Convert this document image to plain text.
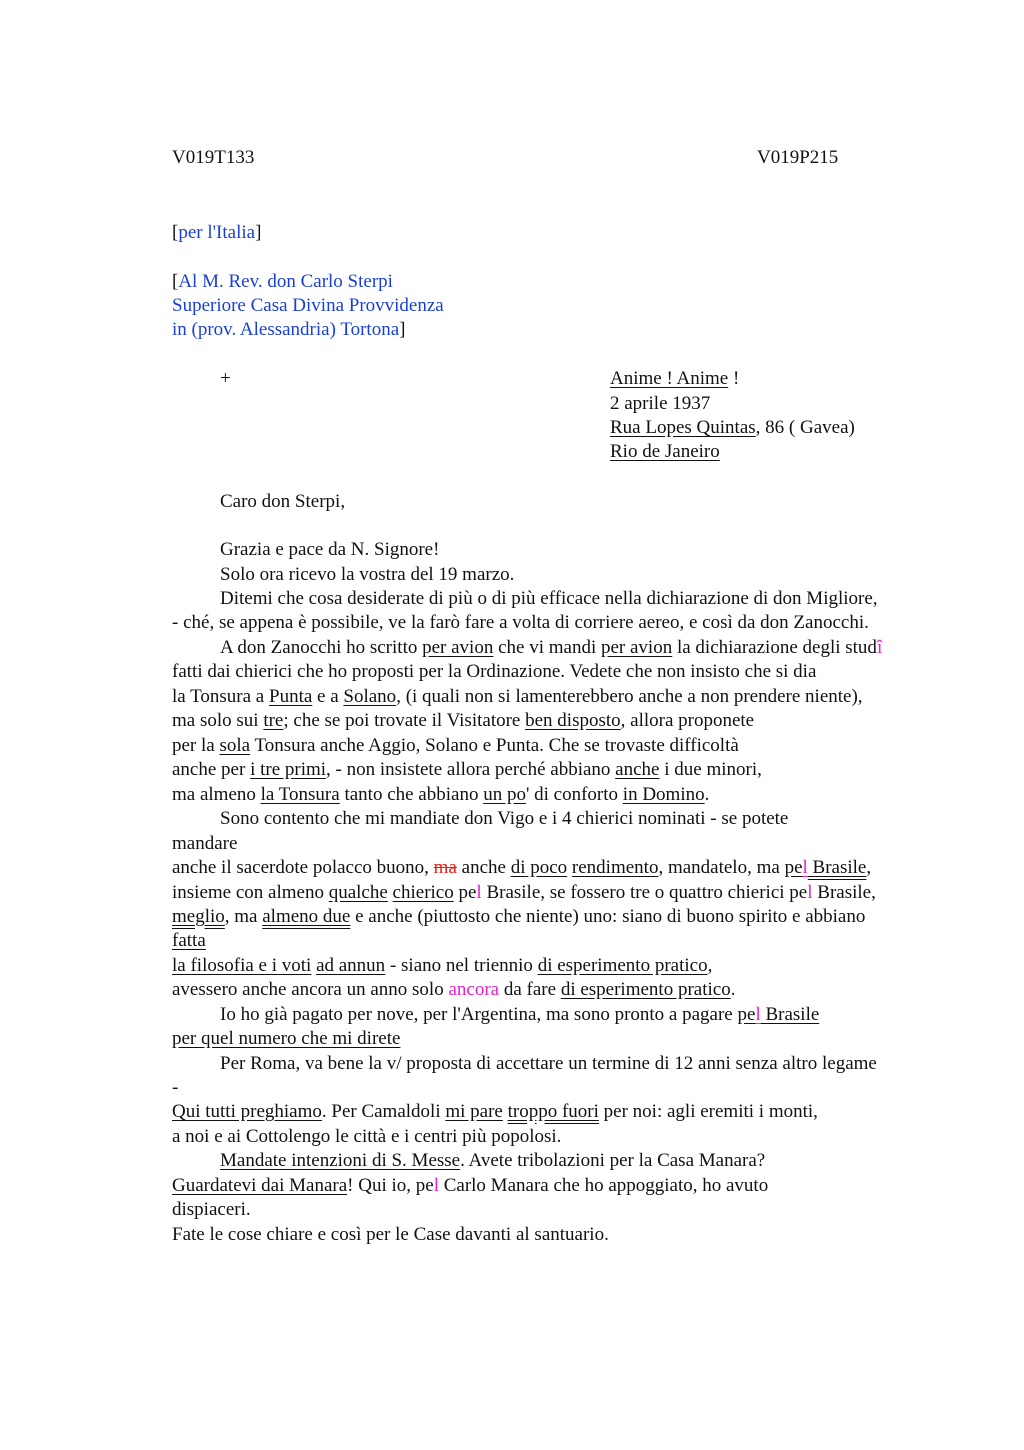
V019T133	V019P215
[per l'Italia]
[Al M. Rev. don Carlo Sterpi
Superiore Casa Divina Provvidenza
in (prov. Alessandria) Tortona]
+	Anime ! Anime !
2 aprile 1937
Rua Lopes Quintas, 86 ( Gavea)
Rio de Janeiro
Caro don Sterpi,
Grazia e pace da N. Signore!
Solo ora ricevo la vostra del 19 marzo.
Ditemi che cosa desiderate di più o di più efficace nella dichiarazione di don Migliore,
- ché, se appena è possibile, ve la farò fare a volta di corriere aereo, e così da don Zanocchi.
A don Zanocchi ho scritto per avion che vi mandi per avion la dichiarazione degli studî
fatti dai chierici che ho proposti per la Ordinazione. Vedete che non insisto che si dia
la Tonsura a Punta e a Solano, (i quali non si lamenterebbero anche a non prendere niente),
ma solo sui tre; che se poi trovate il Visitatore ben disposto, allora proponete
per la sola Tonsura anche Aggio, Solano e Punta. Che se trovaste difficoltà
anche per i tre primi, - non insistete allora perché abbiano anche i due minori,
ma almeno la Tonsura tanto che abbiano un po' di conforto in Domino.
Sono contento che mi mandiate don Vigo e i 4 chierici nominati - se potete
mandare
anche il sacerdote polacco buono, ma anche di poco rendimento, mandatelo, ma pel Brasile,
insieme con almeno qualche chierico pel Brasile, se fossero tre o quattro chierici pel Brasile,
meglio, ma almeno due e anche (piuttosto che niente) uno: siano di buono spirito e abbiano
fatta
la filosofia e i voti ad annun - siano nel triennio di esperimento pratico,
avessero anche ancora un anno solo ancora da fare di esperimento pratico.
Io ho già pagato per nove, per l'Argentina, ma sono pronto a pagare pel Brasile
per quel numero che mi direte
Per Roma, va bene la v/ proposta di accettare un termine di 12 anni senza altro legame
-
Qui tutti preghiamo. Per Camaldoli mi pare troppo fuori per noi: agli eremiti i monti,
a noi e ai Cottolengo le città e i centri più popolosi.
Mandate intenzioni di S. Messe. Avete tribolazioni per la Casa Manara?
Guardatevi dai Manara! Qui io, pel Carlo Manara che ho appoggiato, ho avuto
dispiaceri.
Fate le cose chiare e così per le Case davanti al santuario.
